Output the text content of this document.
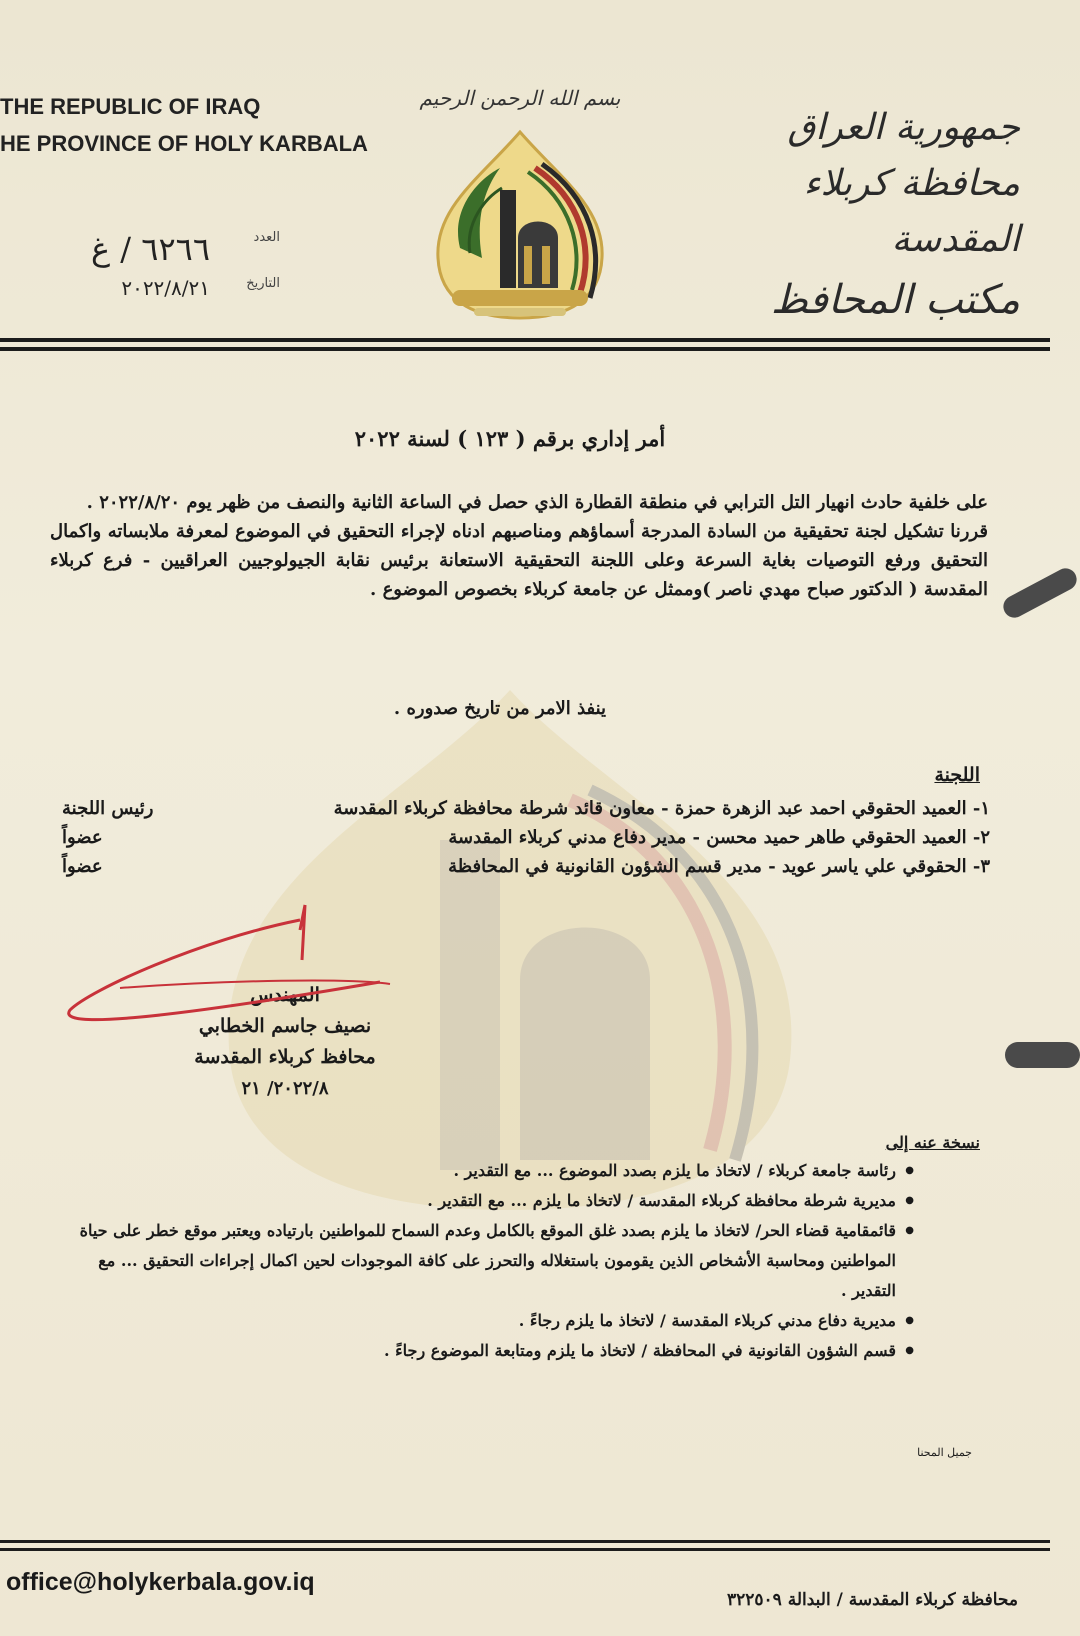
THE REPUBLIC OF IRAQ
HE PROVINCE OF HOLY KARBALA
بسم الله الرحمن الرحيم
جمهورية العراق
محافظة كربلاء المقدسة
مكتب المحافظ
العدد
٦٢٦٦ / غ
التاريخ
٢٠٢٢/٨/٢١
أمر إداري برقم ( ١٢٣ ) لسنة ٢٠٢٢

على خلفية حادث انهيار التل الترابي في منطقة القطارة الذي حصل في الساعة الثانية والنصف من ظهر يوم ٢٠٢٢/٨/٢٠ .

قررنا تشكيل لجنة تحقيقية من السادة المدرجة أسماؤهم ومناصبهم ادناه لإجراء التحقيق في الموضوع لمعرفة ملابساته واكمال التحقيق ورفع التوصيات بغاية السرعة وعلى اللجنة التحقيقية الاستعانة برئيس نقابة الجيولوجيين العراقيين - فرع كربلاء المقدسة ( الدكتور صباح مهدي ناصر )وممثل عن جامعة كربلاء بخصوص الموضوع .

ينفذ الامر من تاريخ صدوره .
اللجنة
١- العميد الحقوقي احمد عبد الزهرة حمزة - معاون قائد شرطة محافظة كربلاء المقدسة
رئيس اللجنة
٢- العميد الحقوقي طاهر حميد محسن - مدير دفاع مدني كربلاء المقدسة
عضواً
٣- الحقوقي علي ياسر عويد - مدير قسم الشؤون القانونية في المحافظة
عضواً
المهندس
نصيف جاسم الخطابي
محافظ كربلاء المقدسة
٢٠٢٢/٨/ ٢١
نسخة عنه إلى
● رئاسة جامعة كربلاء / لاتخاذ ما يلزم بصدد الموضوع ... مع التقدير .
● مديرية شرطة محافظة كربلاء المقدسة / لاتخاذ ما يلزم ... مع التقدير .
● قائمقامية قضاء الحر/ لاتخاذ ما يلزم بصدد غلق الموقع بالكامل وعدم السماح للمواطنين بارتياده ويعتبر موقع خطر على حياة المواطنين ومحاسبة الأشخاص الذين يقومون باستغلاله والتحرز على كافة الموجودات لحين اكمال إجراءات التحقيق ... مع التقدير .
● مديرية دفاع مدني كربلاء المقدسة / لاتخاذ ما يلزم رجاءً .
● قسم الشؤون القانونية في المحافظة / لاتخاذ ما يلزم ومتابعة الموضوع رجاءً .
جميل المحنا
office@holykerbala.gov.iq
محافظة كربلاء المقدسة / البدالة ٣٢٢٥٠٩
